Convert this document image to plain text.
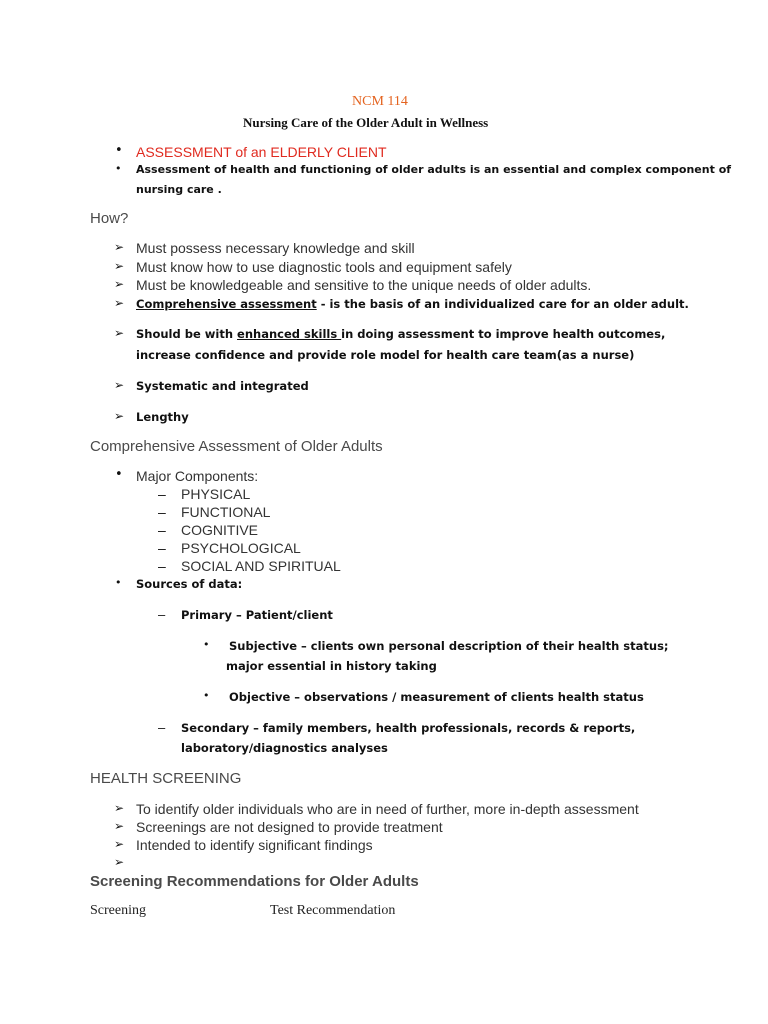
NCM 114
Nursing Care of the Older Adult in Wellness
• ASSESSMENT of an ELDERLY CLIENT
• Assessment of health and functioning of older adults is an essential and complex component of
nursing care .
How?
➢ Must possess necessary knowledge and skill
➢ Must know how to use diagnostic tools and equipment safely
➢ Must be knowledgeable and sensitive to the unique needs of older adults.
➢ Comprehensive assessment - is the basis of an individualized care for an older adult.
➢ Should be with enhanced skills in doing assessment to improve health outcomes,
increase confidence and provide role model for health care team(as a nurse)
➢ Systematic and integrated
➢ Lengthy
Comprehensive Assessment of Older Adults
• Major Components:
– PHYSICAL
– FUNCTIONAL
– COGNITIVE
– PSYCHOLOGICAL
– SOCIAL AND SPIRITUAL
• Sources of data:
– Primary – Patient/client
• Subjective – clients own personal description of their health status;
major essential in history taking
• Objective – observations / measurement of clients health status
– Secondary – family members, health professionals, records & reports,
laboratory/diagnostics analyses
HEALTH SCREENING
➢ To identify older individuals who are in need of further, more in-depth assessment
➢ Screenings are not designed to provide treatment
➢ Intended to identify significant findings
➢
Screening Recommendations for Older Adults
Screening	Test Recommendation
